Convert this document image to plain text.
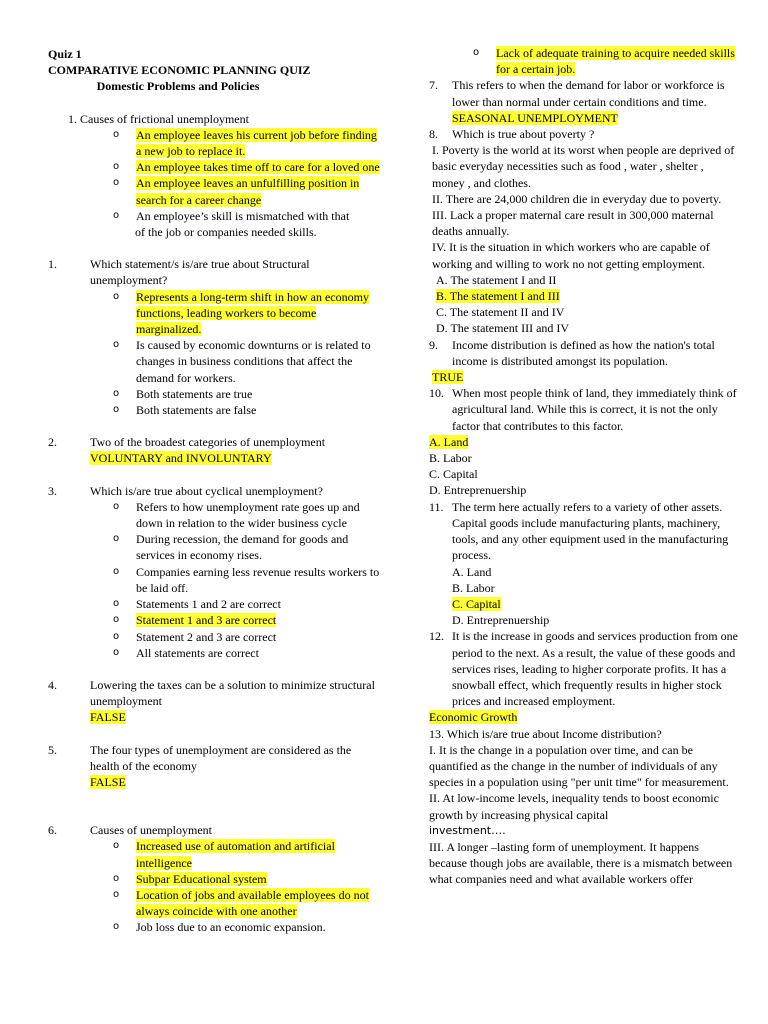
Quiz 1

COMPARATIVE ECONOMIC PLANNING QUIZ

Domestic Problems and Policies

1. Causes of frictional unemployment

o	An employee leaves his current job before finding a new job to replace it.
o	An employee takes time off to care for a loved one
o	An employee leaves an unfulfilling position in search for a career change
o	An employee’s skill is mismatched with that

of the job or companies needed skills.

1.	Which statement/s is/are true about Structural unemployment?
o	Represents a long-term shift in how an economy functions, leading workers to become marginalized.
o	Is caused by economic downturns or is related to changes in business conditions that affect the demand for workers.
o	Both statements are true
o	Both statements are false
2.	Two of the broadest categories of unemployment
VOLUNTARY and INVOLUNTARY
3.	Which is/are true about cyclical unemployment?
o	Refers to how unemployment rate goes up and down in relation to the wider business cycle
o	During recession, the demand for goods and services in economy rises.
o	Companies earning less revenue results workers to be laid off.
o	Statements 1 and 2 are correct
o	Statement 1 and 3 are correct
o	Statement 2 and 3 are correct
o	All statements are correct
4.	Lowering the taxes can be a solution to minimize structural unemployment
FALSE
5.	The four types of unemployment are considered as the health of the economy
FALSE
6.	Causes of unemployment
o	Increased use of automation and artificial intelligence
o	Subpar Educational system
o	Location of jobs and available employees do not always coincide with one another
o	Job loss due to an economic expansion.
o	Lack of adequate training to acquire needed skills for a certain job.
7.	This refers to when the demand for labor or workforce is lower than normal under certain conditions and time. SEASONAL UNEMPLOYMENT
8.	Which is true about poverty ?

I. Poverty is the world at its worst when people are deprived of basic everyday necessities such as food , water , shelter , money , and clothes.

II. There are 24,000 children die in everyday due to poverty.

III. Lack a proper maternal care result in 300,000 maternal deaths annually.

IV. It is the situation in which workers who are capable of working and willing to work no not getting employment.

A. The statement I and II

B. The statement I and III

C. The statement II and IV

D. The statement III and IV

9.	Income distribution is defined as how the nation's total income is distributed amongst its population.

TRUE

10. When most people think of land, they immediately think of agricultural land. While this is correct, it is not the only factor that contributes to this factor.

A. Land

B. Labor

C. Capital

D. Entreprenuership

11. The term here actually refers to a variety of other assets. Capital goods include manufacturing plants, machinery, tools, and any other equipment used in the manufacturing process.

A. Land

B. Labor

C. Capital

D. Entreprenuership

12. It is the increase in goods and services production from one period to the next. As a result, the value of these goods and services rises, leading to higher corporate profits. It has a snowball effect, which frequently results in higher stock prices and increased employment.

Economic Growth

13. Which is/are true about Income distribution?

I. It is the change in a population over time, and can be quantified as the change in the number of individuals of any species in a population using "per unit time" for measurement.

II. At low-income levels, inequality tends to boost economic growth by increasing physical capital

investment….

III. A longer –lasting form of unemployment. It happens because though jobs are available, there is a mismatch between what companies need and what available workers offer
